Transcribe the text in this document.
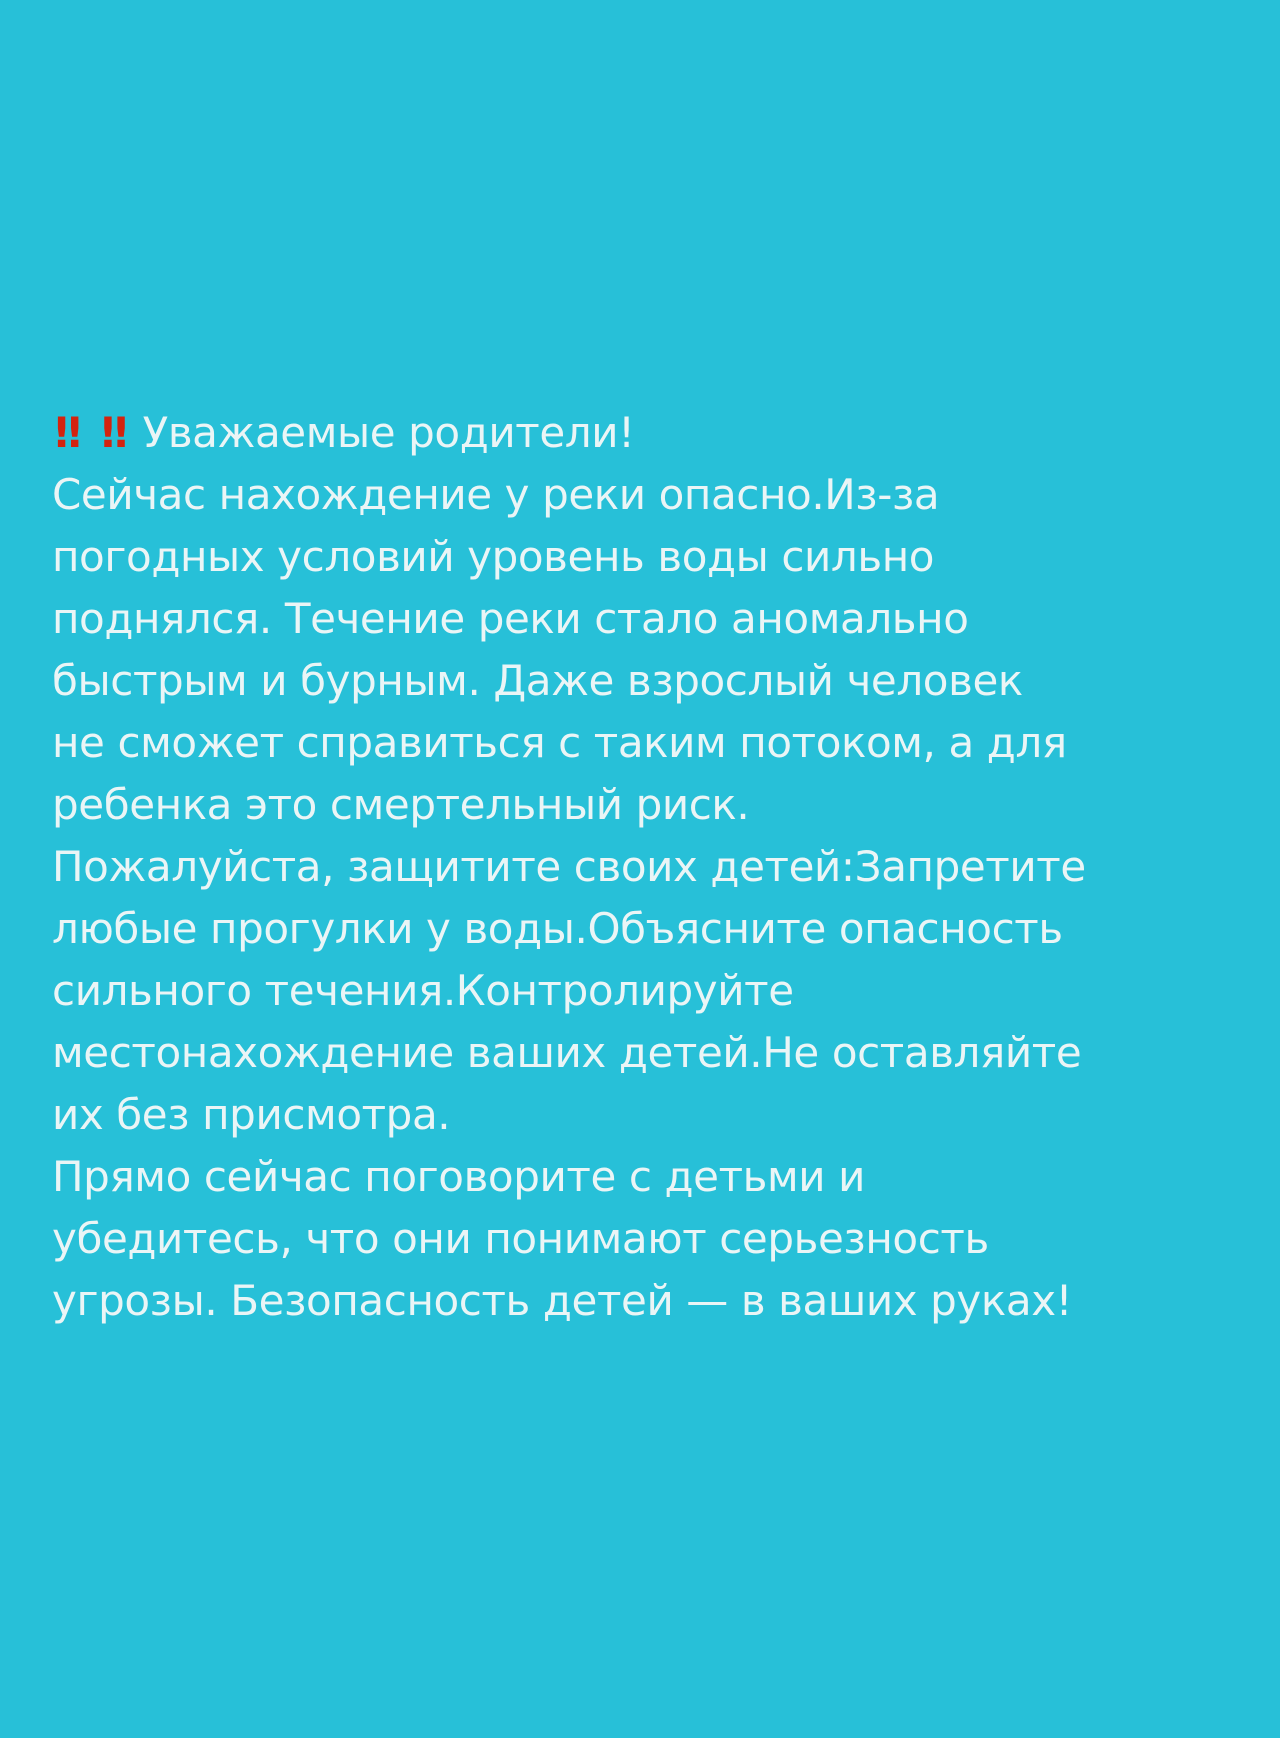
!! !! Уважаемые родители!
Сейчас нахождение у реки опасно.Из-за
погодных условий уровень воды сильно
поднялся. Течение реки стало аномально
быстрым и бурным. Даже взрослый человек
не сможет справиться с таким потоком, а для
ребенка это смертельный риск.
Пожалуйста, защитите своих детей:Запретите
любые прогулки у воды.Объясните опасность
сильного течения.Контролируйте
местонахождение ваших детей.Не оставляйте
их без присмотра.
Прямо сейчас поговорите с детьми и
убедитесь, что они понимают серьезность
угрозы. Безопасность детей — в ваших руках!
